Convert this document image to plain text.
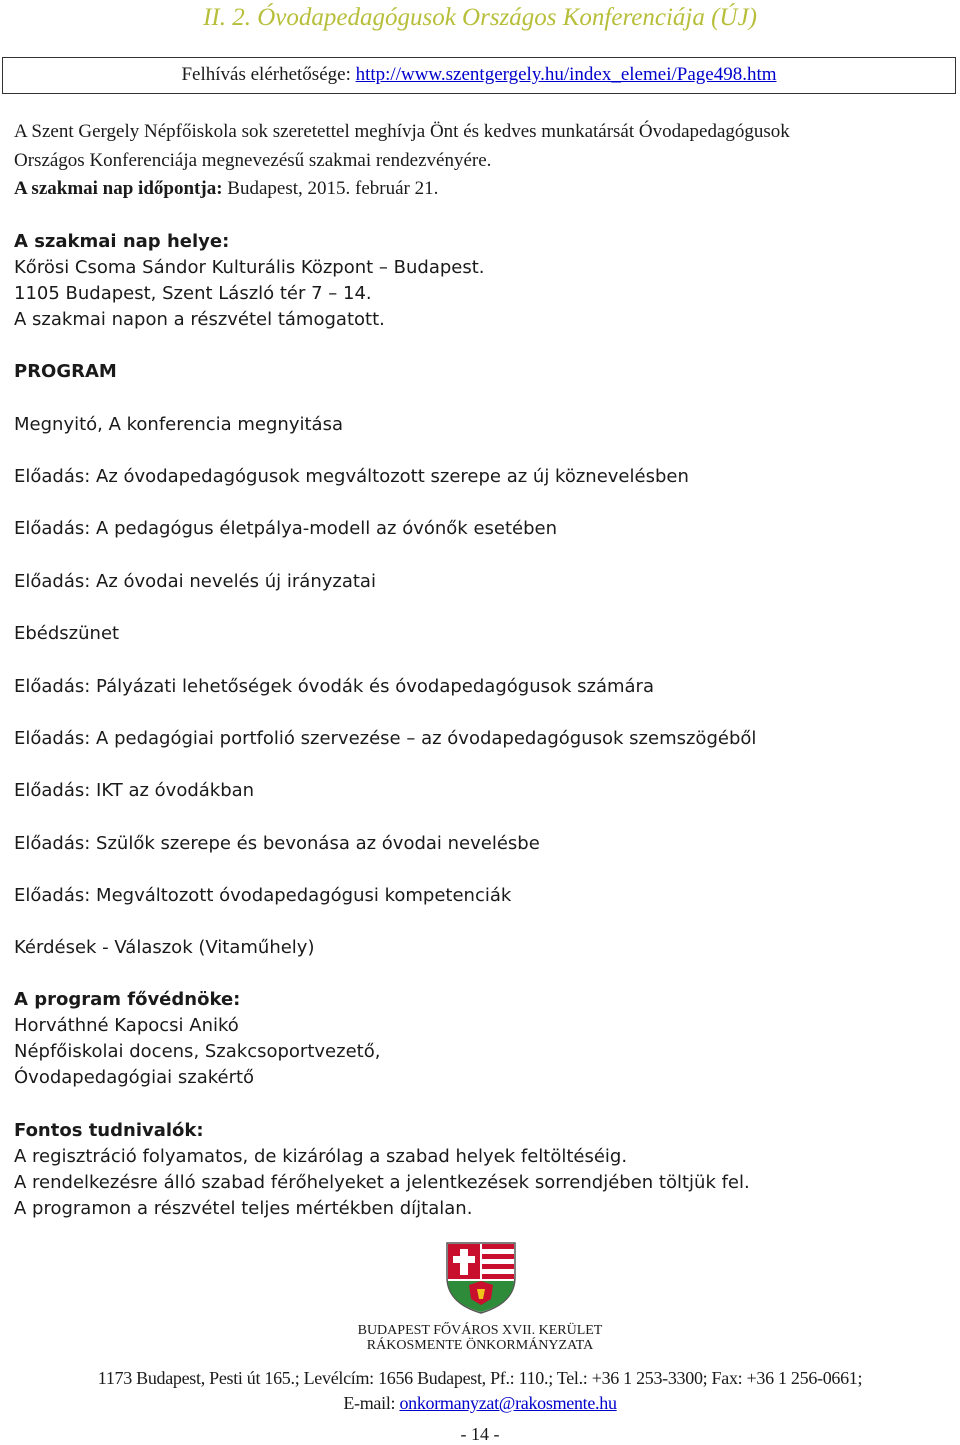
II. 2. Óvodapedagógusok Országos Konferenciája (ÚJ)
Felhívás elérhetősége: http://www.szentgergely.hu/index_elemei/Page498.htm
A Szent Gergely Népfőiskola sok szeretettel meghívja Önt és kedves munkatársát Óvodapedagógusok
Országos Konferenciája megnevezésű szakmai rendezvényére.
A szakmai nap időpontja: Budapest, 2015. február 21.
A szakmai nap helye:
Kőrösi Csoma Sándor Kulturális Központ – Budapest.
1105 Budapest, Szent László tér 7 – 14.
A szakmai napon a részvétel támogatott.
PROGRAM
Megnyitó, A konferencia megnyitása
Előadás: Az óvodapedagógusok megváltozott szerepe az új köznevelésben
Előadás: A pedagógus életpálya-modell az óvónők esetében
Előadás: Az óvodai nevelés új irányzatai
Ebédszünet
Előadás: Pályázati lehetőségek óvodák és óvodapedagógusok számára
Előadás: A pedagógiai portfolió szervezése – az óvodapedagógusok szemszögéből
Előadás: IKT az óvodákban
Előadás: Szülők szerepe és bevonása az óvodai nevelésbe
Előadás: Megváltozott óvodapedagógusi kompetenciák
Kérdések - Válaszok (Vitaműhely)
A program fővédnöke:
Horváthné Kapocsi Anikó
Népfőiskolai docens, Szakcsoportvezető,
Óvodapedagógiai szakértő
Fontos tudnivalók:
A regisztráció folyamatos, de kizárólag a szabad helyek feltöltéséig.
A rendelkezésre álló szabad férőhelyeket a jelentkezések sorrendjében töltjük fel.
A programon a részvétel teljes mértékben díjtalan.
BUDAPEST FŐVÁROS XVII. KERÜLET
RÁKOSMENTE ÖNKORMÁNYZATA
1173 Budapest, Pesti út 165.; Levélcím: 1656 Budapest, Pf.: 110.; Tel.: +36 1 253-3300; Fax: +36 1 256-0661;
E-mail: onkormanyzat@rakosmente.hu
- 14 -
